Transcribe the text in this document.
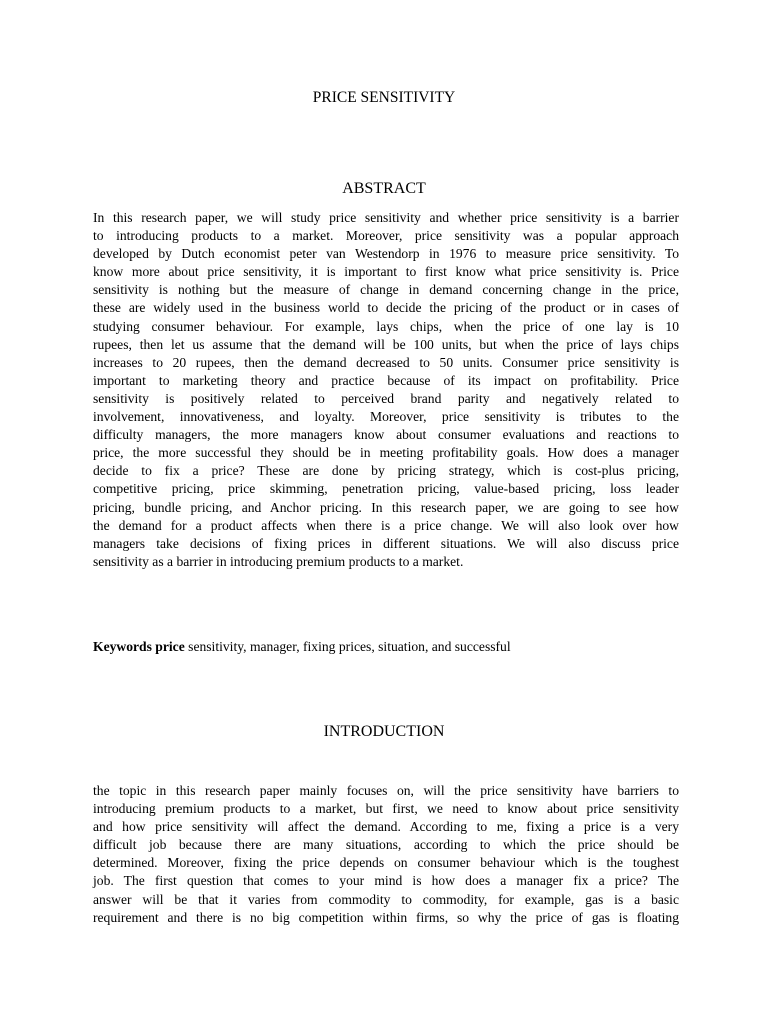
PRICE SENSITIVITY
ABSTRACT
In this research paper, we will study price sensitivity and whether price sensitivity is a barrier
to introducing products to a market. Moreover, price sensitivity was a popular approach
developed by Dutch economist peter van Westendorp in 1976 to measure price sensitivity. To
know more about price sensitivity, it is important to first know what price sensitivity is. Price
sensitivity is nothing but the measure of change in demand concerning change in the price,
these are widely used in the business world to decide the pricing of the product or in cases of
studying consumer behaviour. For example, lays chips, when the price of one lay is 10
rupees, then let us assume that the demand will be 100 units, but when the price of lays chips
increases to 20 rupees, then the demand decreased to 50 units. Consumer price sensitivity is
important to marketing theory and practice because of its impact on profitability. Price
sensitivity is positively related to perceived brand parity and negatively related to
involvement, innovativeness, and loyalty. Moreover, price sensitivity is tributes to the
difficulty managers, the more managers know about consumer evaluations and reactions to
price, the more successful they should be in meeting profitability goals. How does a manager
decide to fix a price? These are done by pricing strategy, which is cost-plus pricing,
competitive pricing, price skimming, penetration pricing, value-based pricing, loss leader
pricing, bundle pricing, and Anchor pricing. In this research paper, we are going to see how
the demand for a product affects when there is a price change. We will also look over how
managers take decisions of fixing prices in different situations. We will also discuss price
sensitivity as a barrier in introducing premium products to a market.
Keywords price sensitivity, manager, fixing prices, situation, and successful
INTRODUCTION
the topic in this research paper mainly focuses on, will the price sensitivity have barriers to
introducing premium products to a market, but first, we need to know about price sensitivity
and how price sensitivity will affect the demand. According to me, fixing a price is a very
difficult job because there are many situations, according to which the price should be
determined. Moreover, fixing the price depends on consumer behaviour which is the toughest
job. The first question that comes to your mind is how does a manager fix a price? The
answer will be that it varies from commodity to commodity, for example, gas is a basic
requirement and there is no big competition within firms, so why the price of gas is floating
